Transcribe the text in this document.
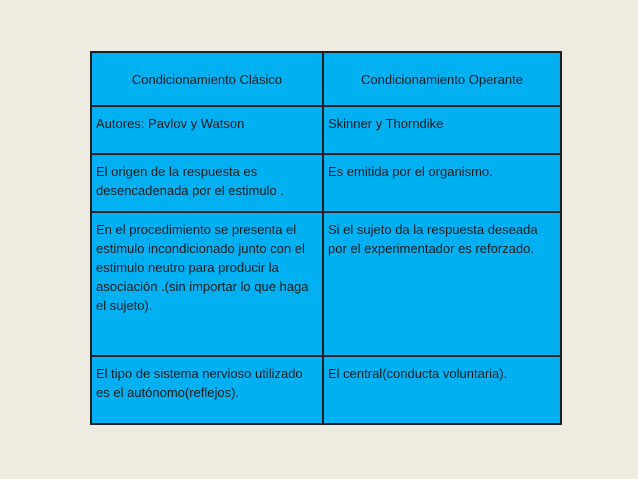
Condicionamiento Clásico	Condicionamiento Operante
Autores: Pavlov y Watson	Skinner y Thorndike
El origen de la respuesta es desencadenada por el estimulo .	Es emitida por el organismo.
En el procedimiento se presenta el estimulo incondicionado junto con el estimulo neutro para producir la asociación .(sin importar lo que haga el sujeto).	Si el sujeto da la respuesta deseada por el experimentador es reforzado.
El tipo de sistema nervioso utilizado es el autónomo(reflejos).	El central(conducta voluntaria).
